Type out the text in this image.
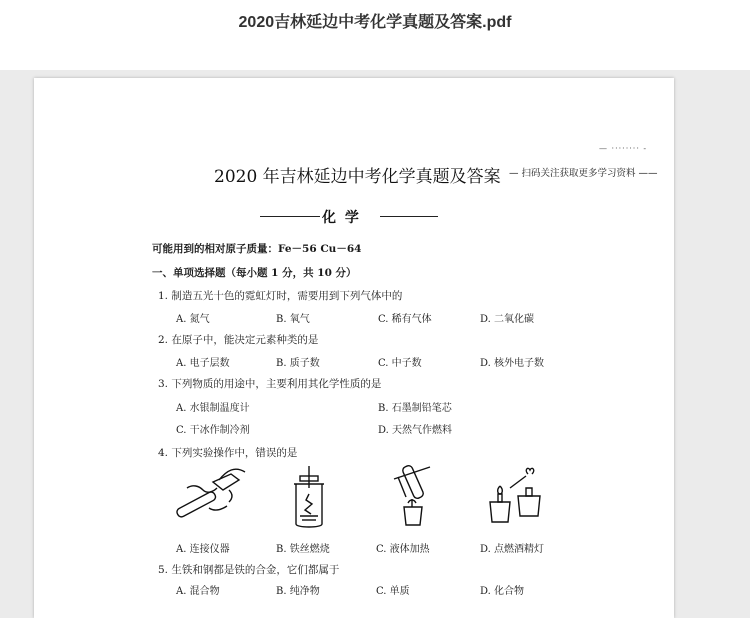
2020吉林延边中考化学真题及答案.pdf
— ········ -
2020 年吉林延边中考化学真题及答案 — 扫码关注获取更多学习资料 ——
化 学
可能用到的相对原子质量：Fe－56 Cu－64
一、单项选择题（每小题 1 分，共 10 分）
1. 制造五光十色的霓虹灯时，需要用到下列气体中的
A. 氮气	B. 氧气	C. 稀有气体	D. 二氧化碳
2. 在原子中，能决定元素种类的是
A. 电子层数	B. 质子数	C. 中子数	D. 核外电子数
3. 下列物质的用途中，主要利用其化学性质的是
A. 水银制温度计	B. 石墨制铅笔芯
C. 干冰作制冷剂	D. 天然气作燃料
4. 下列实验操作中，错误的是
A. 连接仪器	B. 铁丝燃烧	C. 液体加热	D. 点燃酒精灯
5. 生铁和钢都是铁的合金，它们都属于
A. 混合物	B. 纯净物	C. 单质	D. 化合物
